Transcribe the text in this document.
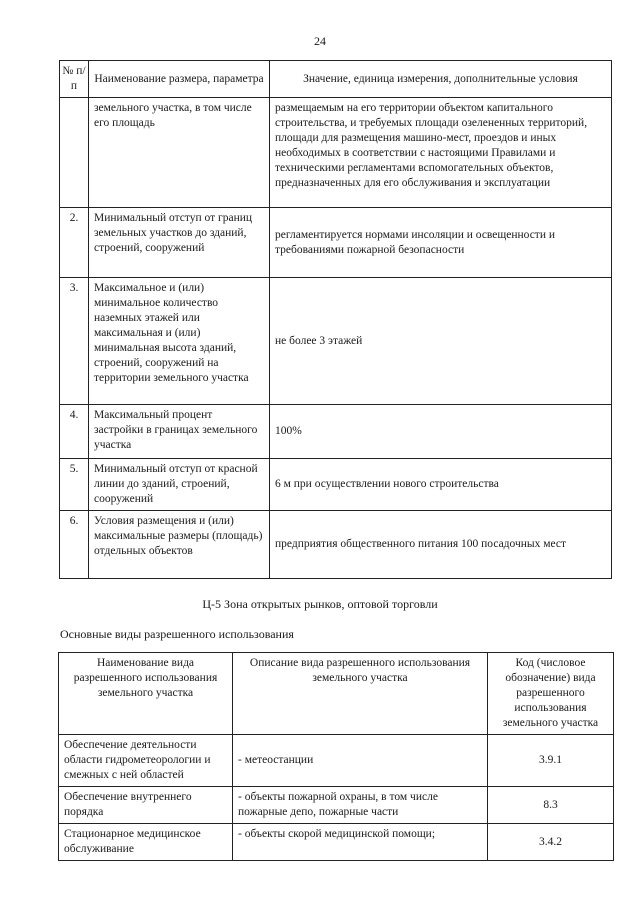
24
№ п/п	Наименование размера, параметра	Значение, единица измерения, дополнительные условия
	земельного участка, в том числе его площадь	размещаемым на его территории объектом капитального строительства, и требуемых площади озелененных территорий, площади для размещения машино-мест, проездов и иных необходимых в соответствии с настоящими Правилами и техническими регламентами вспомогательных объектов, предназначенных для его обслуживания и эксплуатации
2.	Минимальный отступ от границ земельных участков до зданий, строений, сооружений	регламентируется нормами инсоляции и освещенности и требованиями пожарной безопасности
3.	Максимальное и (или) минимальное количество наземных этажей или максимальная и (или) минимальная высота зданий, строений, сооружений на территории земельного участка	не более 3 этажей
4.	Максимальный процент застройки в границах земельного участка	100%
5.	Минимальный отступ от красной линии до зданий, строений, сооружений	6 м при осуществлении нового строительства
6.	Условия размещения и (или) максимальные размеры (площадь) отдельных объектов	предприятия общественного питания 100 посадочных мест
Ц-5 Зона открытых рынков, оптовой торговли
Основные виды разрешенного использования
Наименование вида разрешенного использования земельного участка	Описание вида разрешенного использования земельного участка	Код (числовое обозначение) вида разрешенного использования земельного участка
Обеспечение деятельности области гидрометеорологии и смежных с ней областей	- метеостанции	3.9.1
Обеспечение внутреннего порядка	- объекты пожарной охраны, в том числе пожарные депо, пожарные части	8.3
Стационарное медицинское обслуживание	- объекты скорой медицинской помощи;	3.4.2
